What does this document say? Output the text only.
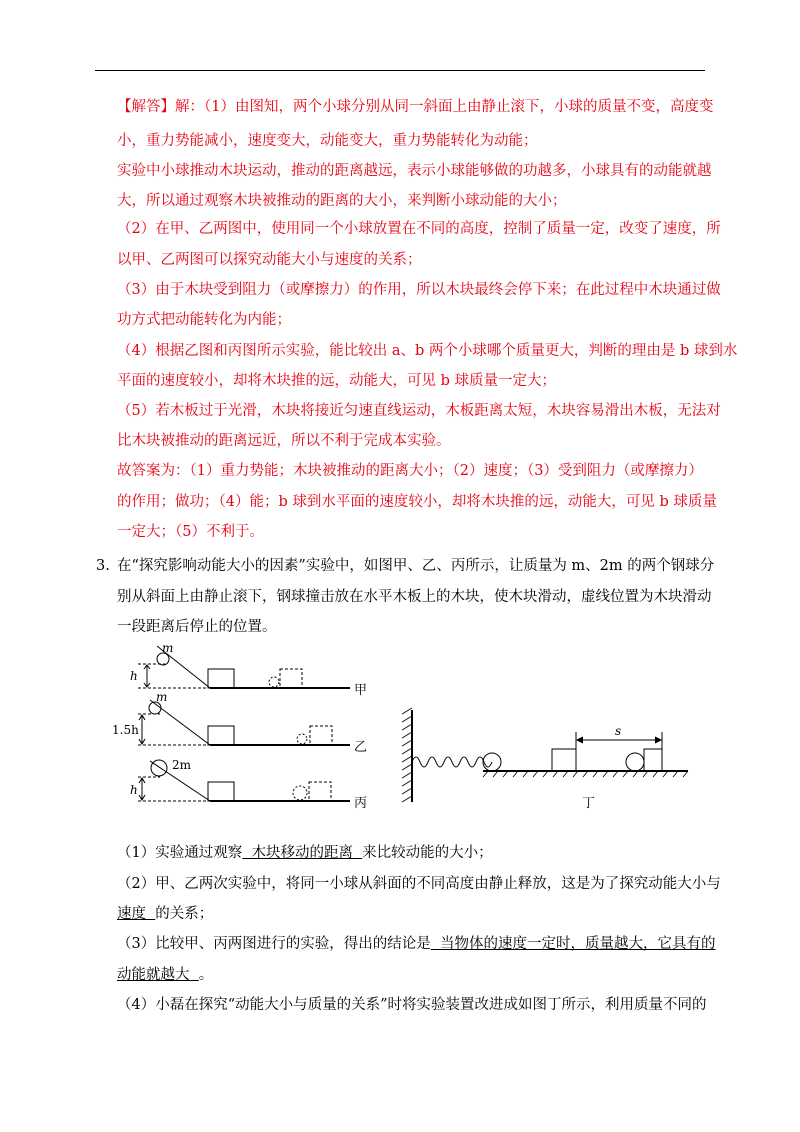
【解答】解：（1）由图知，两个小球分别从同一斜面上由静止滚下，小球的质量不变，高度变
小，重力势能减小，速度变大，动能变大，重力势能转化为动能；
实验中小球推动木块运动，推动的距离越远，表示小球能够做的功越多，小球具有的动能就越
大，所以通过观察木块被推动的距离的大小，来判断小球动能的大小；
（2）在甲、乙两图中，使用同一个小球放置在不同的高度，控制了质量一定，改变了速度，所
以甲、乙两图可以探究动能大小与速度的关系；
（3）由于木块受到阻力（或摩擦力）的作用，所以木块最终会停下来；在此过程中木块通过做
功方式把动能转化为内能；
（4）根据乙图和丙图所示实验，能比较出 a、b 两个小球哪个质量更大，判断的理由是 b 球到水
平面的速度较小，却将木块推的远，动能大，可见 b 球质量一定大；
（5）若木板过于光滑，木块将接近匀速直线运动，木板距离太短，木块容易滑出木板，无法对
比木块被推动的距离远近，所以不利于完成本实验。
故答案为：（1）重力势能；木块被推动的距离大小；（2）速度；（3）受到阻力（或摩擦力）
的作用；做功；（4）能；b 球到水平面的速度较小，却将木块推的远，动能大，可见 b 球质量
一定大；（5）不利于。
3. 在“探究影响动能大小的因素”实验中，如图甲、乙、丙所示，让质量为 m、2m 的两个钢球分
别从斜面上由静止滚下，钢球撞击放在水平木板上的木块，使木块滑动，虚线位置为木块滑动
一段距离后停止的位置。
m
h
甲
m
1.5h
乙
2m
h
丙
s
丁
（1）实验通过观察  木块移动的距离  来比较动能的大小；
（2）甲、乙两次实验中，将同一小球从斜面的不同高度由静止释放，这是为了探究动能大小与
速度  的关系；
（3）比较甲、丙两图进行的实验，得出的结论是  当物体的速度一定时，质量越大，它具有的
动能就越大  。
（4）小磊在探究“动能大小与质量的关系”时将实验装置改进成如图丁所示，利用质量不同的
